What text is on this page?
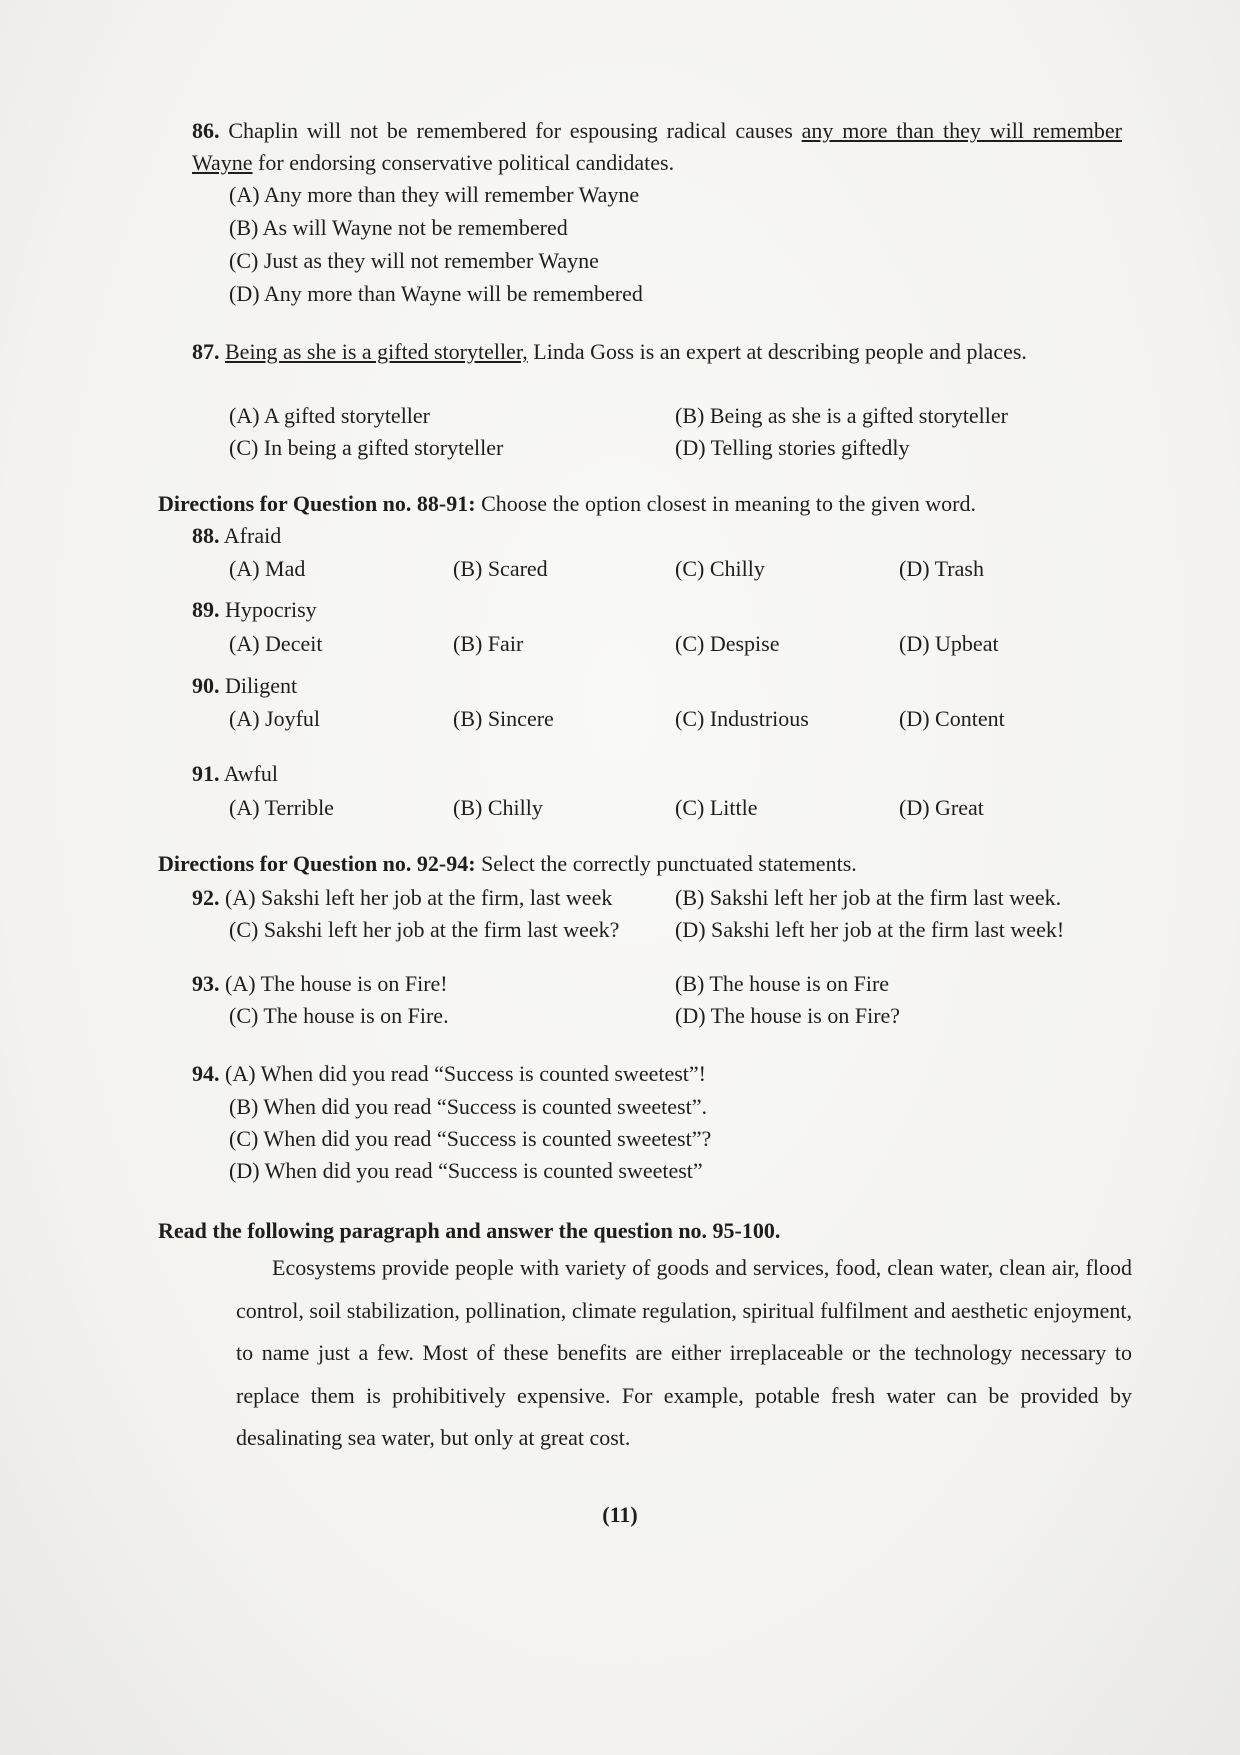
86. Chaplin will not be remembered for espousing radical causes any more than they will remember Wayne for endorsing conservative political candidates.
(A) Any more than they will remember Wayne
(B) As will Wayne not be remembered
(C) Just as they will not remember Wayne
(D) Any more than Wayne will be remembered
87. Being as she is a gifted storyteller, Linda Goss is an expert at describing people and places.
(A) A gifted storyteller	(B) Being as she is a gifted storyteller
(C) In being a gifted storyteller	(D) Telling stories giftedly
Directions for Question no. 88-91: Choose the option closest in meaning to the given word.
88. Afraid
(A) Mad	(B) Scared	(C) Chilly	(D) Trash
89. Hypocrisy
(A) Deceit	(B) Fair	(C) Despise	(D) Upbeat
90. Diligent
(A) Joyful	(B) Sincere	(C) Industrious	(D) Content
91. Awful
(A) Terrible	(B) Chilly	(C) Little	(D) Great
Directions for Question no. 92-94: Select the correctly punctuated statements.
92. (A) Sakshi left her job at the firm, last week	(B) Sakshi left her job at the firm last week.
(C) Sakshi left her job at the firm last week?	(D) Sakshi left her job at the firm last week!
93. (A) The house is on Fire!	(B) The house is on Fire
(C) The house is on Fire.	(D) The house is on Fire?
94. (A) When did you read “Success is counted sweetest”!
(B) When did you read “Success is counted sweetest”.
(C) When did you read “Success is counted sweetest”?
(D) When did you read “Success is counted sweetest”
Read the following paragraph and answer the question no. 95-100.
Ecosystems provide people with variety of goods and services, food, clean water, clean air, flood control, soil stabilization, pollination, climate regulation, spiritual fulfilment and aesthetic enjoyment, to name just a few. Most of these benefits are either irreplaceable or the technology necessary to replace them is prohibitively expensive. For example, potable fresh water can be provided by desalinating sea water, but only at great cost.
(11)
